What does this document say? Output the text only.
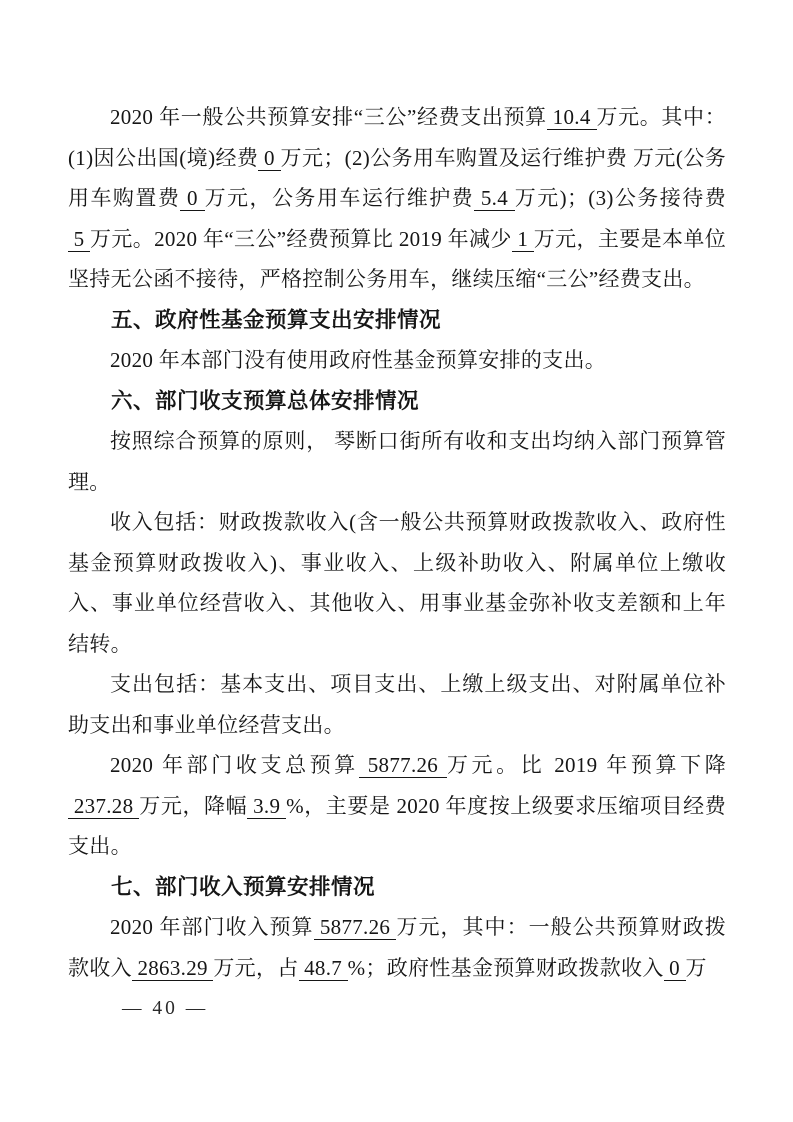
2020 年一般公共预算安排“三公”经费支出预算 10.4 万元。其中：(1)因公出国(境)经费 0 万元；(2)公务用车购置及运行维护费 万元(公务用车购置费 0 万元，公务用车运行维护费 5.4 万元)；(3)公务接待费 5 万元。2020 年“三公”经费预算比 2019 年减少 1 万元，主要是本单位坚持无公函不接待，严格控制公务用车，继续压缩“三公”经费支出。

五、政府性基金预算支出安排情况

2020 年本部门没有使用政府性基金预算安排的支出。

六、部门收支预算总体安排情况

按照综合预算的原则， 琴断口街所有收和支出均纳入部门预算管理。

收入包括：财政拨款收入(含一般公共预算财政拨款收入、政府性基金预算财政拨收入)、事业收入、上级补助收入、附属单位上缴收入、事业单位经营收入、其他收入、用事业基金弥补收支差额和上年结转。

支出包括：基本支出、项目支出、上缴上级支出、对附属单位补助支出和事业单位经营支出。

2020 年部门收支总预算 5877.26 万元。比 2019 年预算下降 237.28 万元，降幅 3.9 %，主要是 2020 年度按上级要求压缩项目经费支出。

七、部门收入预算安排情况

2020 年部门收入预算 5877.26 万元，其中：一般公共预算财政拨款收入 2863.29 万元，占 48.7 %；政府性基金预算财政拨款收入 0 万

— 40 —
